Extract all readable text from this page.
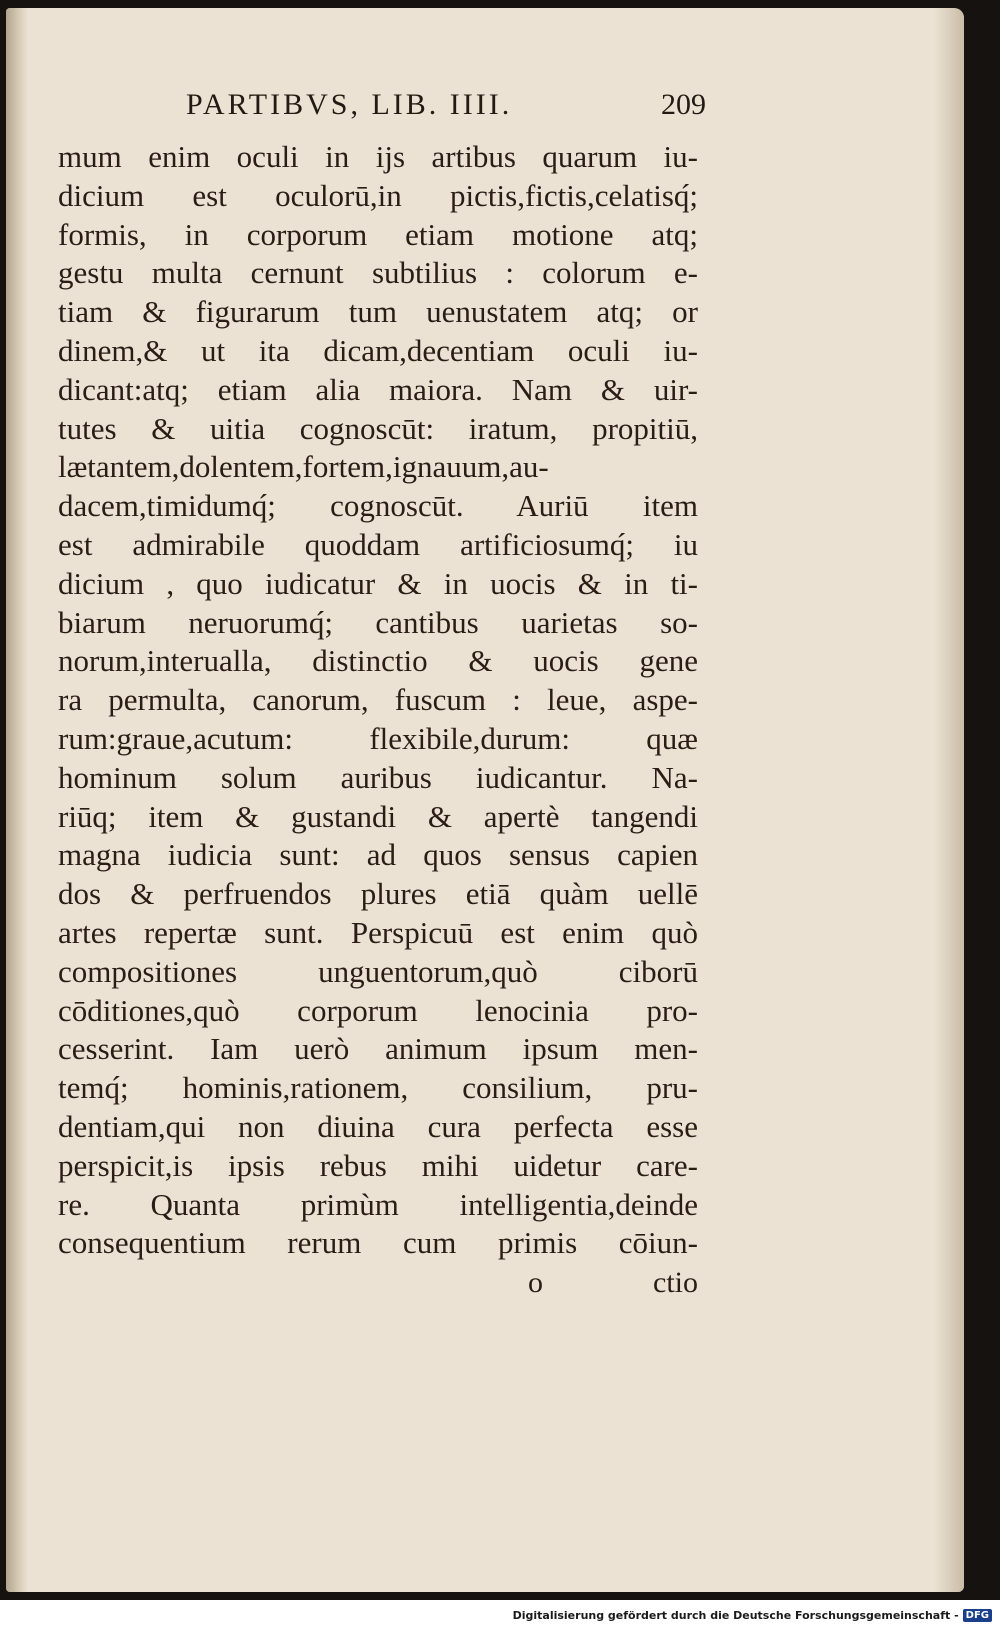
PARTIBVS, LIB. IIII.	209
mum enim oculi in ijs artibus quarum iu-
dicium est oculorū,in pictis,fictis,celatisq́;
formis, in corporum etiam motione atq;
gestu multa cernunt subtilius : colorum e-
tiam & figurarum tum uenustatem atq; or
dinem,& ut ita dicam,decentiam oculi iu-
dicant:atq; etiam alia maiora. Nam & uir-
tutes & uitia cognoscūt: iratum, propitiū,
lætantem,dolentem,fortem,ignauum,au-
dacem,timidumq́; cognoscūt. Auriū item
est admirabile quoddam artificiosumq́; iu
dicium , quo iudicatur & in uocis & in ti-
biarum neruorumq́; cantibus uarietas so-
norum,interualla, distinctio & uocis gene
ra permulta, canorum, fuscum : leue, aspe-
rum:graue,acutum: flexibile,durum: quæ
hominum solum auribus iudicantur. Na-
riūq; item & gustandi & apertè tangendi
magna iudicia sunt: ad quos sensus capien
dos & perfruendos plures etiā quàm uellē
artes repertæ sunt. Perspicuū est enim quò
compositiones unguentorum,quò ciborū
cōditiones,quò corporum lenocinia pro-
cesserint. Iam uerò animum ipsum men-
temq́; hominis,rationem, consilium, pru-
dentiam,qui non diuina cura perfecta esse
perspicit,is ipsis rebus mihi uidetur care-
re. Quanta primùm intelligentia,deinde
consequentium rerum cum primis cōiun-
o	ctio
Digitalisierung gefördert durch die Deutsche Forschungsgemeinschaft - DFG
